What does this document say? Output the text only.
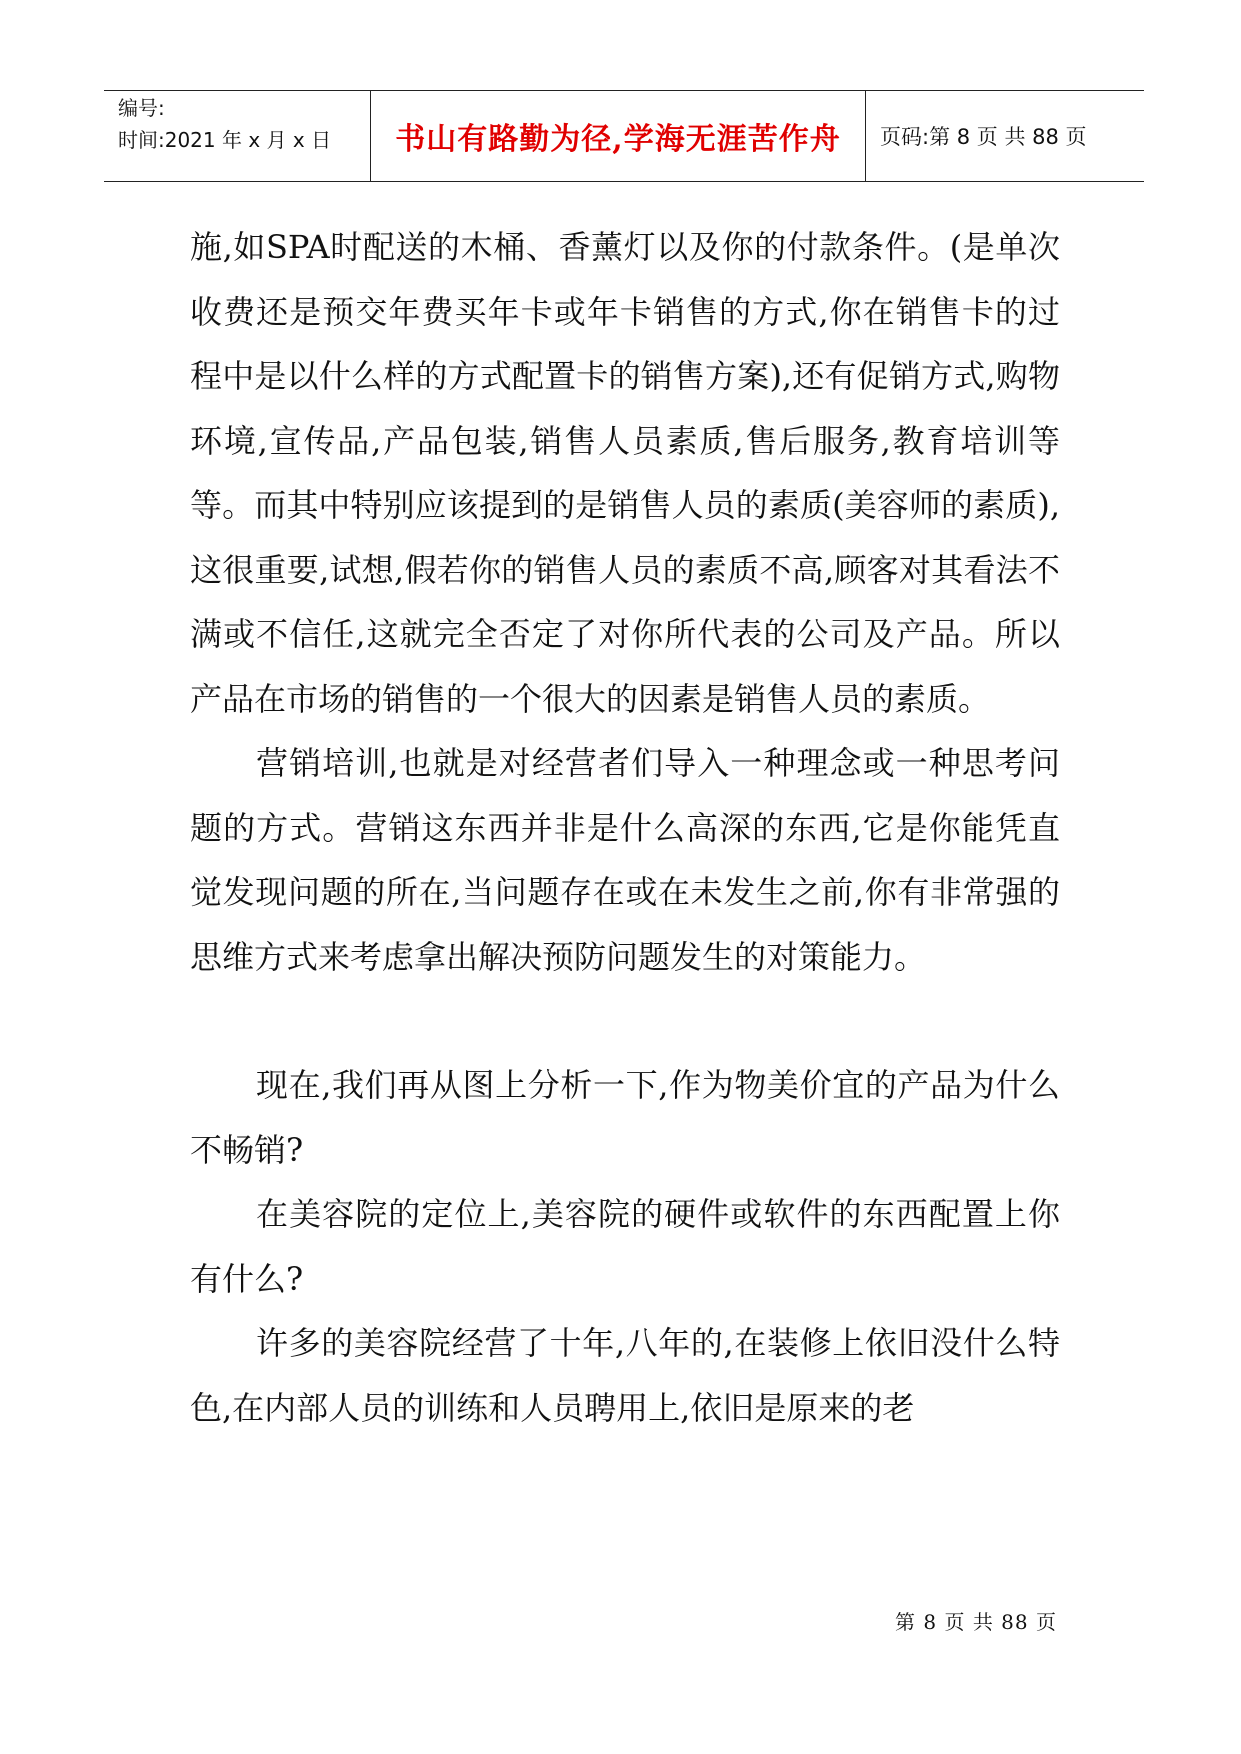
编号:
时间:2021 年 x 月 x 日	书山有路勤为径,学海无涯苦作舟 页码:第 8 页 共 88 页

施,如SPA时配送的木桶、香薰灯以及你的付款条件。(是单次收费还是预交年费买年卡或年卡销售的方式,你在销售卡的过程中是以什么样的方式配置卡的销售方案),还有促销方式,购物环境,宣传品,产品包装,销售人员素质,售后服务,教育培训等等。而其中特别应该提到的是销售人员的素质(美容师的素质),这很重要,试想,假若你的销售人员的素质不高,顾客对其看法不满或不信任,这就完全否定了对你所代表的公司及产品。所以产品在市场的销售的一个很大的因素是销售人员的素质。

营销培训,也就是对经营者们导入一种理念或一种思考问题的方式。营销这东西并非是什么高深的东西,它是你能凭直觉发现问题的所在,当问题存在或在未发生之前,你有非常强的思维方式来考虑拿出解决预防问题发生的对策能力。

现在,我们再从图上分析一下,作为物美价宜的产品为什么不畅销?

在美容院的定位上,美容院的硬件或软件的东西配置上你有什么?

许多的美容院经营了十年,八年的,在装修上依旧没什么特色,在内部人员的训练和人员聘用上,依旧是原来的老

第 8 页 共 88 页
